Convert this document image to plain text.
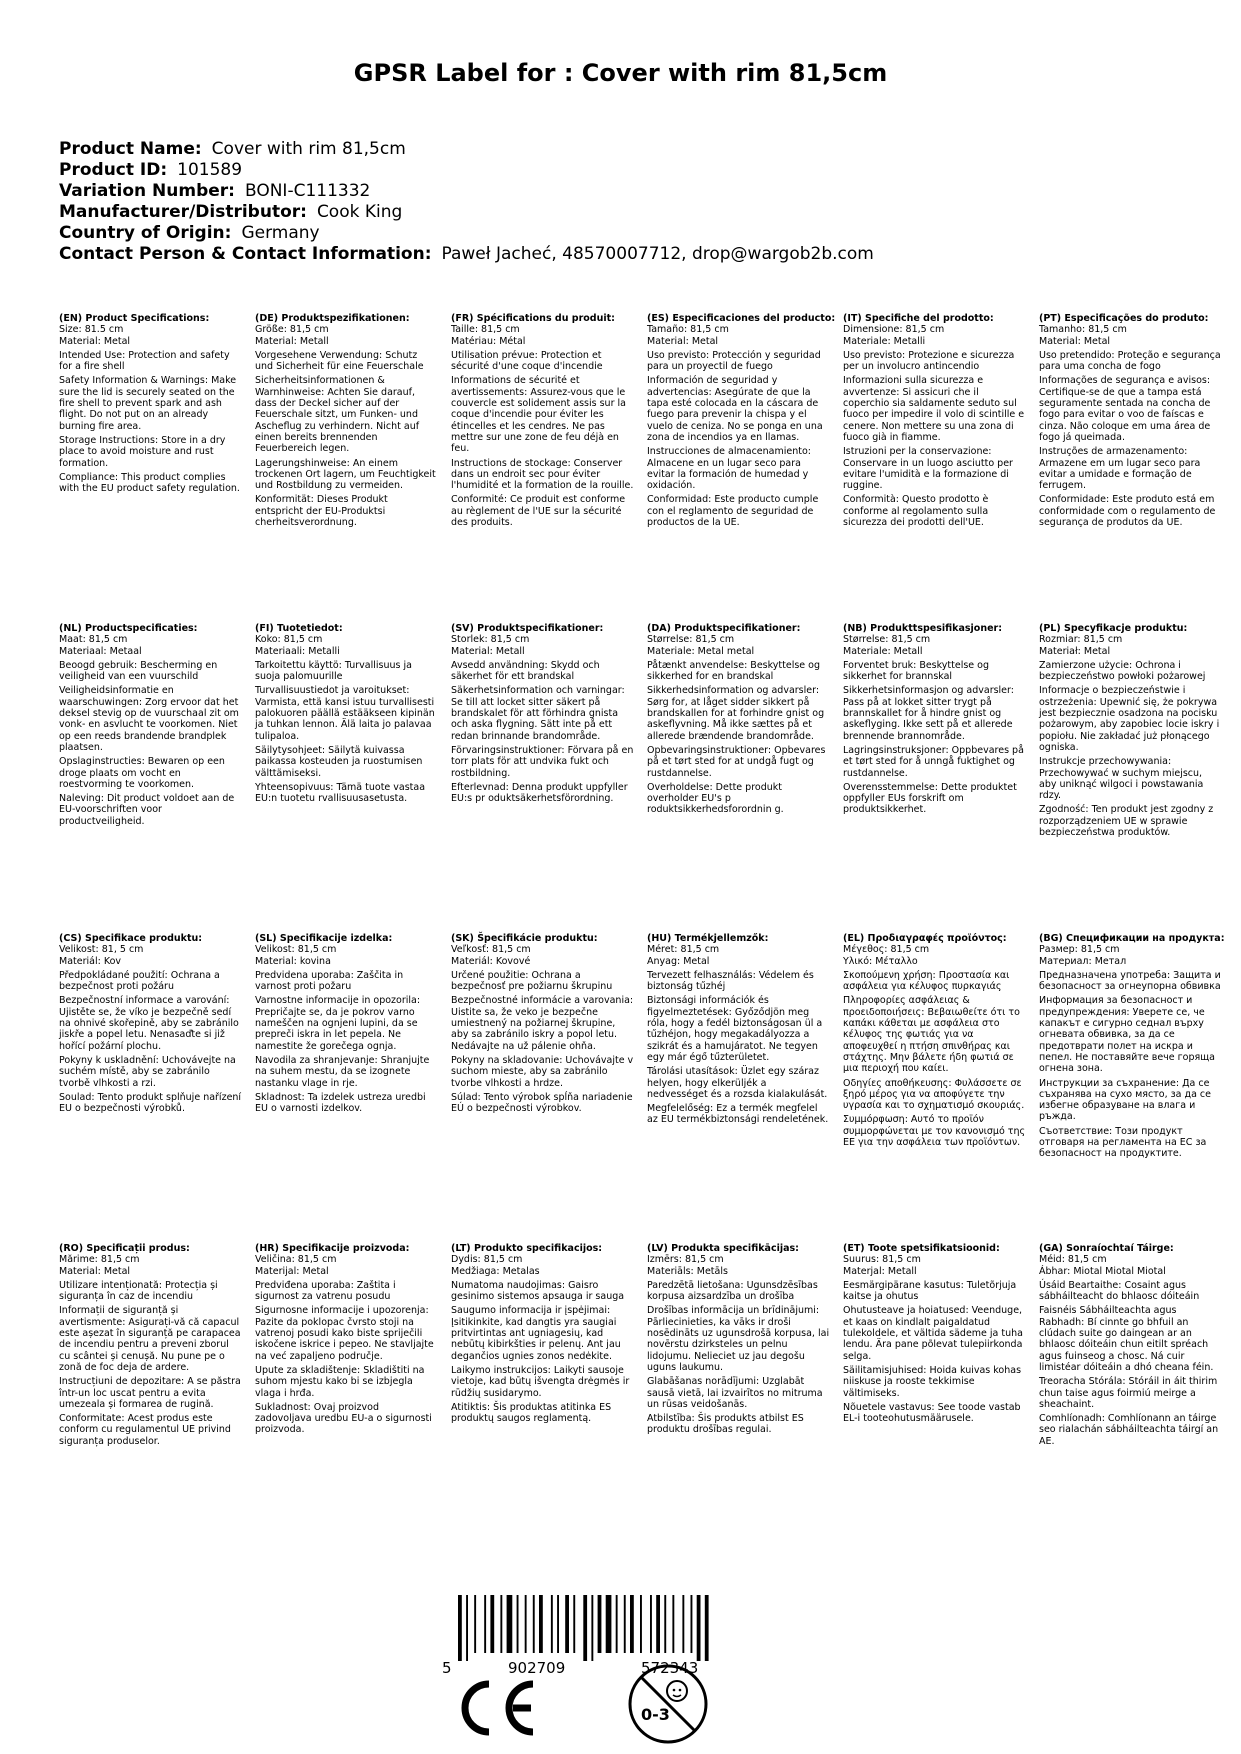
GPSR Label for : Cover with rim 81,5cm
Product Name: Cover with rim 81,5cm
Product ID: 101589
Variation Number: BONI-C111332
Manufacturer/Distributor: Cook King
Country of Origin: Germany
Contact Person & Contact Information: Paweł Jacheć, 48570007712, drop@wargob2b.com
(EN) Product Specifications:
Size: 81.5 cm
Material: Metal
Intended Use: Protection and safety for a fire shell
Safety Information & Warnings: Make sure the lid is securely seated on the fire shell to prevent spark and ash flight. Do not put on an already burning fire area.
Storage Instructions: Store in a dry place to avoid moisture and rust formation.
Compliance: This product complies with the EU product safety regulation.
(DE) Produktspezifikationen:
Größe: 81,5 cm
Material: Metall
Vorgesehene Verwendung: Schutz und Sicherheit für eine Feuerschale
Sicherheitsinformationen & Warnhinweise: Achten Sie darauf, dass der Deckel sicher auf der Feuerschale sitzt, um Funken- und Ascheflug zu verhindern. Nicht auf einen bereits brennenden Feuerbereich legen.
Lagerungshinweise: An einem trockenen Ort lagern, um Feuchtigkeit und Rostbildung zu vermeiden.
Konformität: Dieses Produkt entspricht der EU-Produktsi cherheitsverordnung.
(FR) Spécifications du produit:
Taille: 81,5 cm
Matériau: Métal
Utilisation prévue: Protection et sécurité d'une coque d'incendie
Informations de sécurité et avertissements: Assurez-vous que le couvercle est solidement assis sur la coque d'incendie pour éviter les étincelles et les cendres. Ne pas mettre sur une zone de feu déjà en feu.
Instructions de stockage: Conserver dans un endroit sec pour éviter l'humidité et la formation de la rouille.
Conformité: Ce produit est conforme au règlement de l'UE sur la sécurité des produits.
(ES) Especificaciones del producto:
Tamaño: 81,5 cm
Material: Metal
Uso previsto: Protección y seguridad para un proyectil de fuego
Información de seguridad y advertencias: Asegúrate de que la tapa esté colocada en la cáscara de fuego para prevenir la chispa y el vuelo de ceniza. No se ponga en una zona de incendios ya en llamas.
Instrucciones de almacenamiento: Almacene en un lugar seco para evitar la formación de humedad y oxidación.
Conformidad: Este producto cumple con el reglamento de seguridad de productos de la UE.
(IT) Specifiche del prodotto:
Dimensione: 81,5 cm
Materiale: Metalli
Uso previsto: Protezione e sicurezza per un involucro antincendio
Informazioni sulla sicurezza e avvertenze: Si assicuri che il coperchio sia saldamente seduto sul fuoco per impedire il volo di scintille e cenere. Non mettere su una zona di fuoco già in fiamme.
Istruzioni per la conservazione: Conservare in un luogo asciutto per evitare l'umidità e la formazione di ruggine.
Conformità: Questo prodotto è conforme al regolamento sulla sicurezza dei prodotti dell'UE.
(PT) Especificações do produto:
Tamanho: 81,5 cm
Material: Metal
Uso pretendido: Proteção e segurança para uma concha de fogo
Informações de segurança e avisos: Certifique-se de que a tampa está seguramente sentada na concha de fogo para evitar o voo de faíscas e cinza. Não coloque em uma área de fogo já queimada.
Instruções de armazenamento: Armazene em um lugar seco para evitar a umidade e formação de ferrugem.
Conformidade: Este produto está em conformidade com o regulamento de segurança de produtos da UE.
(NL) Productspecificaties:
Maat: 81,5 cm
Materiaal: Metaal
Beoogd gebruik: Bescherming en veiligheid van een vuurschild
Veiligheidsinformatie en waarschuwingen: Zorg ervoor dat het deksel stevig op de vuurschaal zit om vonk- en asvlucht te voorkomen. Niet op een reeds brandende brandplek plaatsen.
Opslaginstructies: Bewaren op een droge plaats om vocht en roestvorming te voorkomen.
Naleving: Dit product voldoet aan de EU-voorschriften voor productveiligheid.
(FI) Tuotetiedot:
Koko: 81,5 cm
Materiaali: Metalli
Tarkoitettu käyttö: Turvallisuus ja suoja palomuurille
Turvallisuustiedot ja varoitukset: Varmista, että kansi istuu turvallisesti palokuoren päällä estääkseen kipinän ja tuhkan lennon. Älä laita jo palavaa tulipaloa.
Säilytysohjeet: Säilytä kuivassa paikassa kosteuden ja ruostumisen välttämiseksi.
Yhteensopivuus: Tämä tuote vastaa EU:n tuotetu rvallisuusasetusta.
(SV) Produktspecifikationer:
Storlek: 81,5 cm
Material: Metall
Avsedd användning: Skydd och säkerhet för ett brandskal
Säkerhetsinformation och varningar: Se till att locket sitter säkert på brandskalet för att förhindra gnista och aska flygning. Sätt inte på ett redan brinnande brandområde.
Förvaringsinstruktioner: Förvara på en torr plats för att undvika fukt och rostbildning.
Efterlevnad: Denna produkt uppfyller EU:s pr oduktsäkerhetsförordning.
(DA) Produktspecifikationer:
Størrelse: 81,5 cm
Materiale: Metal metal
Påtænkt anvendelse: Beskyttelse og sikkerhed for en brandskal
Sikkerhedsinformation og advarsler: Sørg for, at låget sidder sikkert på brandskallen for at forhindre gnist og askeflyvning. Må ikke sættes på et allerede brændende brandområde.
Opbevaringsinstruktioner: Opbevares på et tørt sted for at undgå fugt og rustdannelse.
Overholdelse: Dette produkt overholder EU's p roduktsikkerhedsforordnin g.
(NB) Produkttspesifikasjoner:
Størrelse: 81,5 cm
Materiale: Metall
Forventet bruk: Beskyttelse og sikkerhet for brannskal
Sikkerhetsinformasjon og advarsler: Pass på at lokket sitter trygt på brannskallet for å hindre gnist og askeflyging. Ikke sett på et allerede brennende brannområde.
Lagringsinstruksjoner: Oppbevares på et tørt sted for å unngå fuktighet og rustdannelse.
Overensstemmelse: Dette produktet oppfyller EUs forskrift om produktsikkerhet.
(PL) Specyfikacje produktu:
Rozmiar: 81,5 cm
Materiał: Metal
Zamierzone użycie: Ochrona i bezpieczeństwo powłoki pożarowej
Informacje o bezpieczeństwie i ostrzeżenia: Upewnić się, że pokrywa jest bezpiecznie osadzona na pocisku pożarowym, aby zapobiec locie iskry i popiołu. Nie zakładać już płonącego ogniska.
Instrukcje przechowywania: Przechowywać w suchym miejscu, aby uniknąć wilgoci i powstawania rdzy.
Zgodność: Ten produkt jest zgodny z rozporządzeniem UE w sprawie bezpieczeństwa produktów.
(CS) Specifikace produktu:
Velikost: 81, 5 cm
Materiál: Kov
Předpokládané použití: Ochrana a bezpečnost proti požáru
Bezpečnostní informace a varování: Ujistěte se, že víko je bezpečně sedí na ohnivé skořepině, aby se zabránilo jiskře a popel letu. Nenasaďte si již hořící požární plochu.
Pokyny k uskladnění: Uchovávejte na suchém místě, aby se zabránilo tvorbě vlhkosti a rzi.
Soulad: Tento produkt splňuje nařízení EU o bezpečnosti výrobků.
(SL) Specifikacije izdelka:
Velikost: 81,5 cm
Material: kovina
Predvidena uporaba: Zaščita in varnost proti požaru
Varnostne informacije in opozorila: Prepričajte se, da je pokrov varno nameščen na ognjeni lupini, da se prepreči iskra in let pepela. Ne namestite že gorečega ognja.
Navodila za shranjevanje: Shranjujte na suhem mestu, da se izognete nastanku vlage in rje.
Skladnost: Ta izdelek ustreza uredbi EU o varnosti izdelkov.
(SK) Špecifikácie produktu:
Veľkosť: 81,5 cm
Materiál: Kovové
Určené použitie: Ochrana a bezpečnosť pre požiarnu škrupinu
Bezpečnostné informácie a varovania: Uistite sa, že veko je bezpečne umiestnený na požiarnej škrupine, aby sa zabránilo iskry a popol letu. Nedávajte na už pálenie ohňa.
Pokyny na skladovanie: Uchovávajte v suchom mieste, aby sa zabránilo tvorbe vlhkosti a hrdze.
Súlad: Tento výrobok spĺňa nariadenie EÚ o bezpečnosti výrobkov.
(HU) Termékjellemzők:
Méret: 81,5 cm
Anyag: Metal
Tervezett felhasználás: Védelem és biztonság tűzhéj
Biztonsági információk és figyelmeztetések: Győződjön meg róla, hogy a fedél biztonságosan ül a tűzhéjon, hogy megakadályozza a szikrát és a hamujáratot. Ne tegyen egy már égő tűzterületet.
Tárolási utasítások: Üzlet egy száraz helyen, hogy elkerüljék a nedvességet és a rozsda kialakulását.
Megfelelőség: Ez a termék megfelel az EU termékbiztonsági rendeletének.
(EL) Προδιαγραφές προϊόντος:
Μέγεθος: 81,5 cm
Υλικό: Μέταλλο
Σκοπούμενη χρήση: Προστασία και ασφάλεια για κέλυφος πυρκαγιάς
Πληροφορίες ασφάλειας & προειδοποιήσεις: Βεβαιωθείτε ότι το καπάκι κάθεται με ασφάλεια στο κέλυφος της φωτιάς για να αποφευχθεί η πτήση σπινθήρας και στάχτης. Μην βάλετε ήδη φωτιά σε μια περιοχή που καίει.
Οδηγίες αποθήκευσης: Φυλάσσετε σε ξηρό μέρος για να αποφύγετε την υγρασία και το σχηματισμό σκουριάς.
Συμμόρφωση: Αυτό το προϊόν συμμορφώνεται με τον κανονισμό της ΕΕ για την ασφάλεια των προϊόντων.
(BG) Спецификации на продукта:
Размер: 81,5 cm
Материал: Метал
Предназначена употреба: Защита и безопасност за огнеупорна обвивка
Информация за безопасност и предупреждения: Уверете се, че капакът е сигурно седнал върху огневата обвивка, за да се предотврати полет на искра и пепел. Не поставяйте вече горяща огнена зона.
Инструкции за съхранение: Да се съхранява на сухо място, за да се избегне образуване на влага и ръжда.
Съответствие: Този продукт отговаря на регламента на ЕС за безопасност на продуктите.
(RO) Specificații produs:
Mărime: 81,5 cm
Material: Metal
Utilizare intenționată: Protecția și siguranța în caz de incendiu
Informații de siguranță și avertismente: Asigurați-vă că capacul este așezat în siguranță pe carapacea de incendiu pentru a preveni zborul cu scântei și cenușă. Nu pune pe o zonă de foc deja de ardere.
Instrucțiuni de depozitare: A se păstra într-un loc uscat pentru a evita umezeala și formarea de rugină.
Conformitate: Acest produs este conform cu regulamentul UE privind siguranța produselor.
(HR) Specifikacije proizvoda:
Veličina: 81,5 cm
Materijal: Metal
Predviđena uporaba: Zaštita i sigurnost za vatrenu posudu
Sigurnosne informacije i upozorenja: Pazite da poklopac čvrsto stoji na vatrenoj posudi kako biste spriječili iskočene iskrice i pepeo. Ne stavljajte na već zapaljeno područje.
Upute za skladištenje: Skladištiti na suhom mjestu kako bi se izbjegla vlaga i hrđa.
Sukladnost: Ovaj proizvod zadovoljava uredbu EU-a o sigurnosti proizvoda.
(LT) Produkto specifikacijos:
Dydis: 81,5 cm
Medžiaga: Metalas
Numatoma naudojimas: Gaisro gesinimo sistemos apsauga ir sauga
Saugumo informacija ir įspėjimai: Įsitikinkite, kad dangtis yra saugiai pritvirtintas ant ugniagesių, kad nebūtų kibirkšties ir pelenų. Ant jau degančios ugnies zonos nedėkite.
Laikymo instrukcijos: Laikyti sausoje vietoje, kad būtų išvengta drėgmės ir rūdžių susidarymo.
Atitiktis: Šis produktas atitinka ES produktų saugos reglamentą.
(LV) Produkta specifikācijas:
Izmērs: 81,5 cm
Materiāls: Metāls
Paredzētā lietošana: Ugunsdzēsības korpusa aizsardzība un drošība
Drošības informācija un brīdinājumi: Pārliecinieties, ka vāks ir droši nosēdināts uz ugunsdrošā korpusa, lai novērstu dzirksteles un pelnu lidojumu. Nelieciet uz jau degošu uguns laukumu.
Glabāšanas norādījumi: Uzglabāt sausā vietā, lai izvairītos no mitruma un rūsas veidošanās.
Atbilstība: Šis produkts atbilst ES produktu drošības regulai.
(ET) Toote spetsifikatsioonid:
Suurus: 81,5 cm
Materjal: Metall
Eesmärgipärane kasutus: Tuletõrjuja kaitse ja ohutus
Ohutusteave ja hoiatused: Veenduge, et kaas on kindlalt paigaldatud tulekoldele, et vältida sädeme ja tuha lendu. Ära pane põlevat tulepiirkonda selga.
Säilitamisjuhised: Hoida kuivas kohas niiskuse ja rooste tekkimise vältimiseks.
Nõuetele vastavus: See toode vastab EL-i tooteohutusmäärusele.
(GA) Sonraíochtaí Táirge:
Méid: 81,5 cm
Ábhar: Miotal Miotal Miotal
Úsáid Beartaithe: Cosaint agus sábháilteacht do bhlaosc dóiteáin
Faisnéis Sábháilteachta agus Rabhadh: Bí cinnte go bhfuil an clúdach suite go daingean ar an bhlaosc dóiteáin chun eitilt spréach agus fuinseog a chosc. Ná cuir limistéar dóiteáin a dhó cheana féin.
Treoracha Stórála: Stóráil in áit thirim chun taise agus foirmiú meirge a sheachaint.
Comhlíonadh: Comhlíonann an táirge seo rialachán sábháilteachta táirgí an AE.
5	902709	572343
0-3
